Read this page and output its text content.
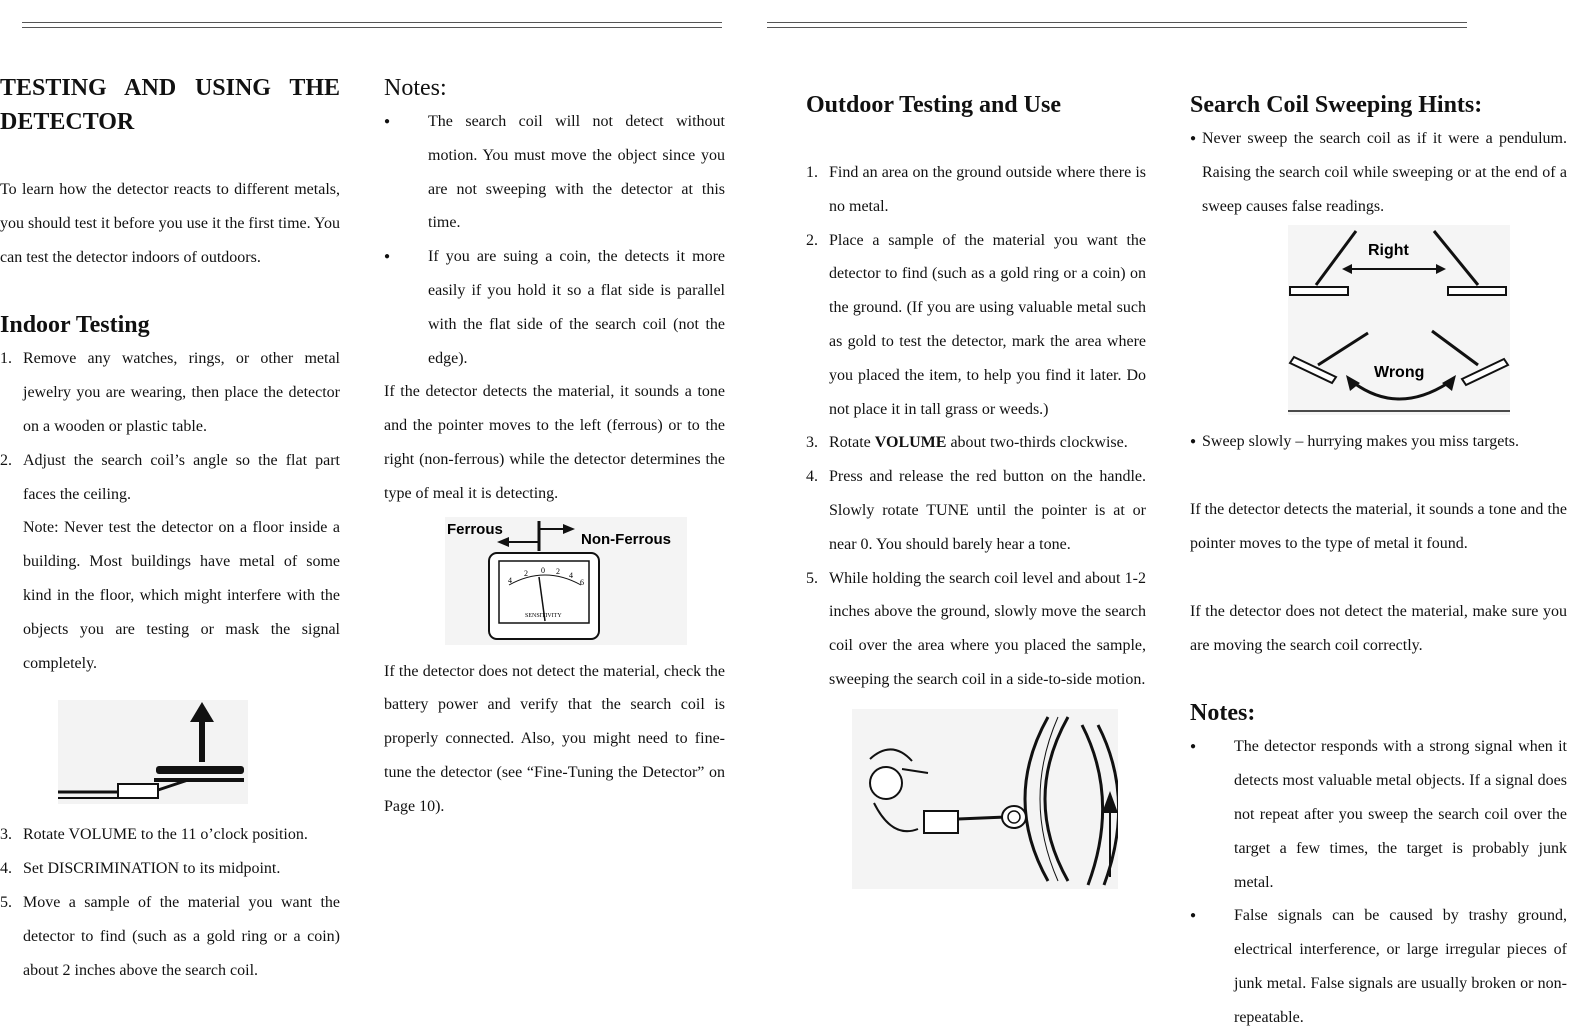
TESTING AND USING THE
DETECTOR

To learn how the detector reacts to different metals, you should test it before you use it the first time. You can test the detector indoors of outdoors.

Indoor Testing
1. Remove any watches, rings, or other metal jewelry you are wearing, then place the detector on a wooden or plastic table.
2. Adjust the search coil’s angle so the flat part faces the ceiling.
Note: Never test the detector on a floor inside a building. Most buildings have metal of some kind in the floor, which might interfere with the objects you are testing or mask the signal completely.
3. Rotate VOLUME to the 11 o’clock position.
4. Set DISCRIMINATION to its midpoint.
5. Move a sample of the material you want the detector to find (such as a gold ring or a coin) about 2 inches above the search coil.
Notes:
● The search coil will not detect without motion. You must move the object since you are not sweeping with the detector at this time.
● If you are suing a coin, the detects it more easily if you hold it so a flat side is parallel with the flat side of the search coil (not the edge).

If the detector detects the material, it sounds a tone and the pointer moves to the left (ferrous) or to the right (non-ferrous) while the detector determines the type of meal it is detecting.

Ferrous
Non-Ferrous
4
2 0 2 4
6
SENSITIVITY

If the detector does not detect the material, check the battery power and verify that the search coil is properly connected. Also, you might need to fine-tune the detector (see “Fine-Tuning the Detector” on Page 10).

Outdoor Testing and Use
1. Find an area on the ground outside where there is no metal.
2. Place a sample of the material you want the detector to find (such as a gold ring or a coin) on the ground. (If you are using valuable metal such as gold to test the detector, mark the area where you placed the item, to help you find it later. Do not place it in tall grass or weeds.)
3. Rotate VOLUME about two-thirds clockwise.
4. Press and release the red button on the handle. Slowly rotate TUNE until the pointer is at or near 0. You should barely hear a tone.
5. While holding the search coil level and about 1-2 inches above the ground, slowly move the search coil over the area where you placed the sample, sweeping the search coil in a side-to-side motion.
Search Coil Sweeping Hints:
● Never sweep the search coil as if it were a pendulum. Raising the search coil while sweeping or at the end of a sweep causes false readings.
Right
Wrong
● Sweep slowly – hurrying makes you miss targets.

If the detector detects the material, it sounds a tone and the pointer moves to the type of metal it found.

If the detector does not detect the material, make sure you are moving the search coil correctly.

Notes:
● The detector responds with a strong signal when it detects most valuable metal objects. If a signal does not repeat after you sweep the search coil over the target a few times, the target is probably junk metal.
● False signals can be caused by trashy ground, electrical interference, or large irregular pieces of junk metal. False signals are usually broken or non-repeatable.
